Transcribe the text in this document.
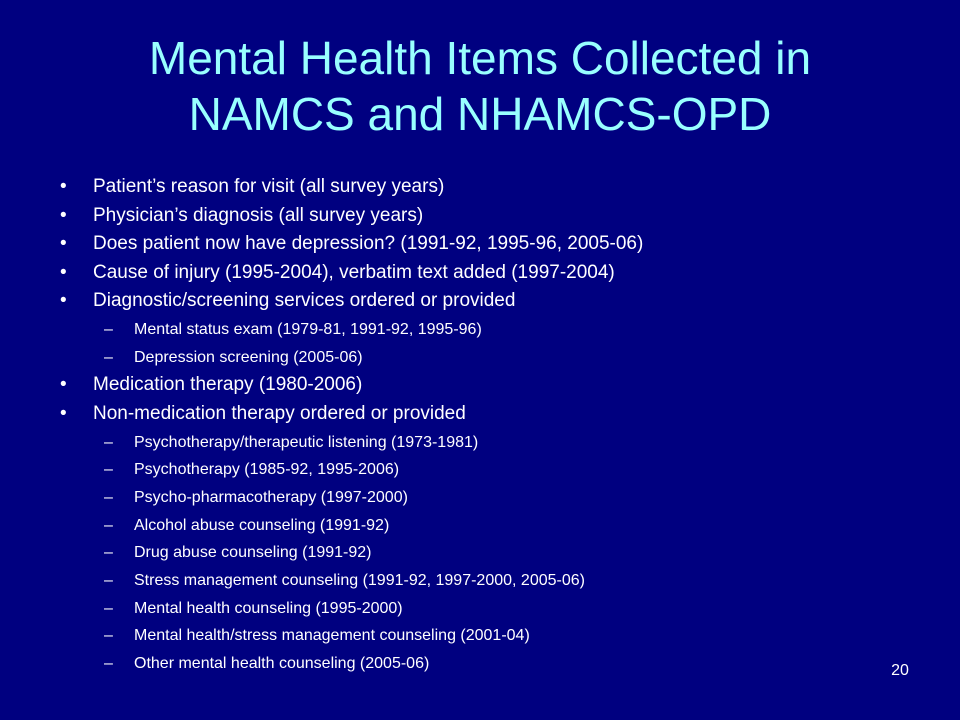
Mental Health Items Collected in
NAMCS and NHAMCS-OPD
• Patient’s reason for visit (all survey years)
• Physician’s diagnosis (all survey years)
• Does patient now have depression? (1991-92, 1995-96, 2005-06)
• Cause of injury (1995-2004), verbatim text added (1997-2004)
• Diagnostic/screening services ordered or provided
– Mental status exam (1979-81, 1991-92, 1995-96)
– Depression screening (2005-06)
• Medication therapy (1980-2006)
• Non-medication therapy ordered or provided
– Psychotherapy/therapeutic listening (1973-1981)
– Psychotherapy (1985-92, 1995-2006)
– Psycho-pharmacotherapy (1997-2000)
– Alcohol abuse counseling (1991-92)
– Drug abuse counseling (1991-92)
– Stress management counseling (1991-92, 1997-2000, 2005-06)
– Mental health counseling (1995-2000)
– Mental health/stress management counseling (2001-04)
– Other mental health counseling (2005-06)	20
